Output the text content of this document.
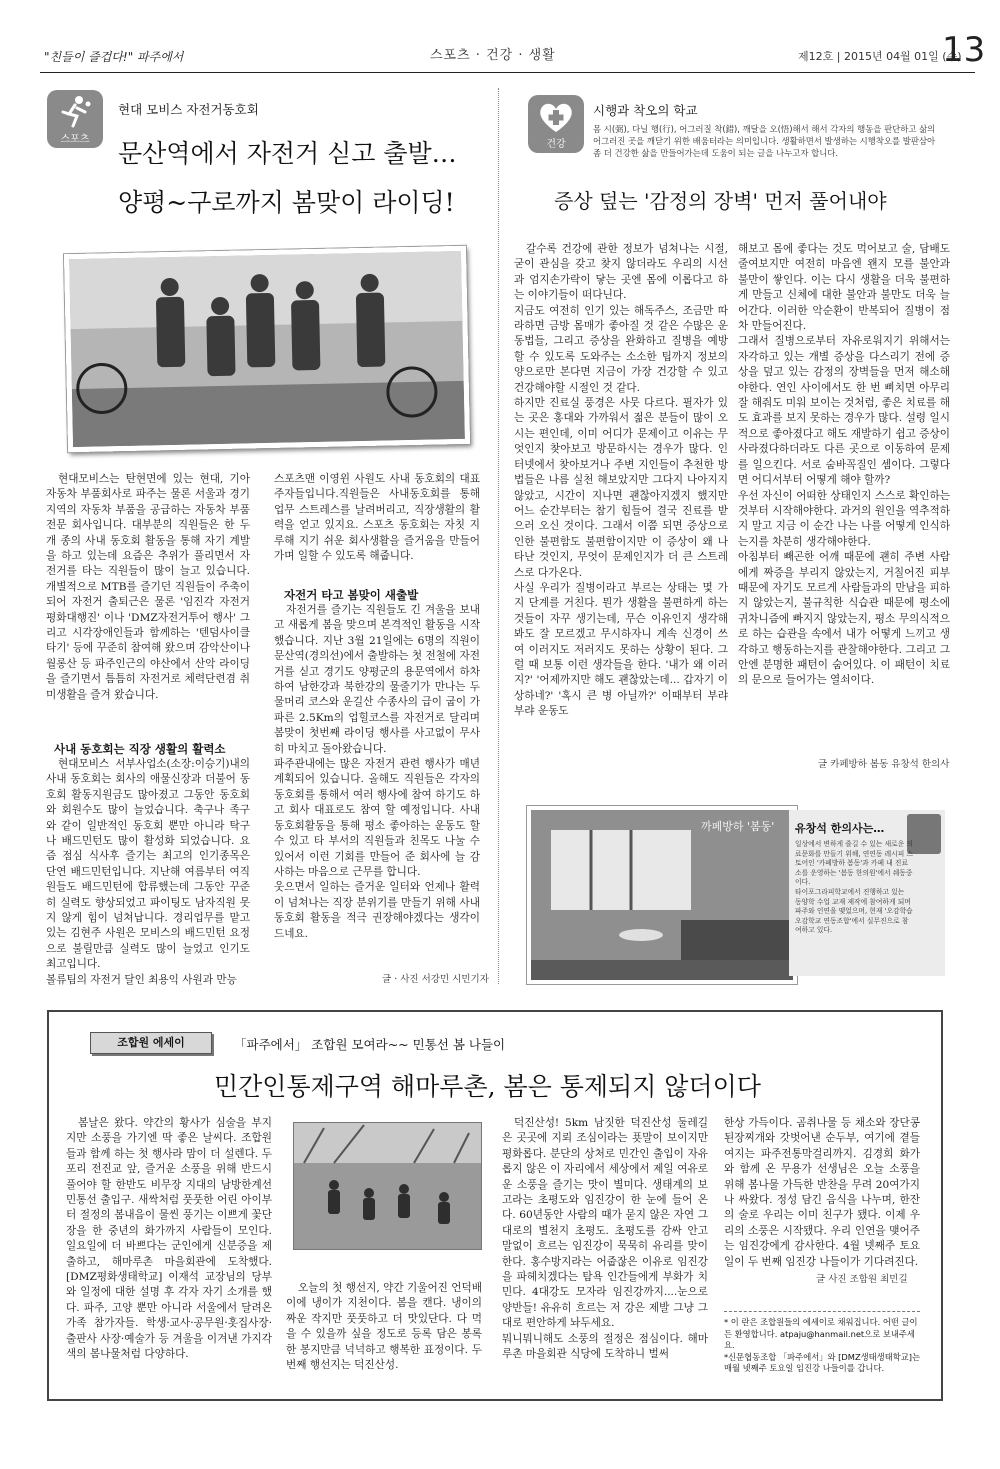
"친들이 즐겁다!" 파주에서	스포츠 · 건강 · 생활	제12호 | 2015년 04월 01일 (수)
13
스포츠
현대 모비스 자전거동호회
문산역에서 자전거 싣고 출발…
양평~구로까지 봄맞이 라이딩!
현대모비스는 탄현면에 있는 현대, 기아 자동차 부품회사로 파주는 물론 서울과 경기지역의 자동차 부품을 공급하는 자동차 부품 전문 회사입니다. 대부분의 직원들은 한 두개 종의 사내 동호회 활동을 통해 자기 계발을 하고 있는데 요즘은 추위가 풀리면서 자전거를 타는 직원들이 많이 늘고 있습니다. 개별적으로 MTB를 즐기던 직원들이 주축이 되어 자전거 출퇴근은 물론 '임진각 자전거 평화대행진' 이나 'DMZ자전거투어 행사' 그리고 시각장애인들과 함께하는 '텐덤사이클타기' 등에 꾸준히 참여해 왔으며 감악산이나 월롱산 등 파주인근의 야산에서 산악 라이딩을 즐기면서 틈틈히 자전거로 체력단련겸 취미생활을 즐겨 왔습니다.
사내 동호회는 직장 생활의 활력소
현대모비스 서부사업소(소장:이승기)내의 사내 동호회는 회사의 애물신장과 더불어 동호회 활동지원금도 많아졌고 그동안 동호회와 회원수도 많이 늘었습니다. 축구나 족구와 같이 일반적인 동호회 뿐만 아니라 탁구나 배드민턴도 많이 활성화 되었습니다. 요즘 점심 식사후 즐기는 최고의 인기종목은 단연 배드민턴입니다. 지난해 여름부터 여직원들도 배드민턴에 합류했는데 그동안 꾸준히 실력도 향상되었고 파이팅도 남자직원 못지 않게 힘이 넘쳐납니다. 경리업무를 맡고있는 김현주 사원은 모비스의 배드민턴 요정으로 불릴만큼 실력도 많이 늘었고 인기도 최고입니다.
볼류팀의 자전거 달인 최용익 사원과 만능
스포츠맨 이영윈 사원도 사내 동호회의 대표주자들입니다.직원들은 사내동호회를 통해 업무 스트레스를 날려버리고, 직장생활의 활력을 얻고 있지요. 스포츠 동호회는 자칫 지루해 지기 쉬운 회사생활을 즐거움을 만들어가며 일할 수 있도록 해줍니다.
자전거 타고 봄맞이 새출발
자전거를 즐기는 직원들도 긴 겨울을 보내고 새롭게 봄을 맞으며 본격적인 활동을 시작했습니다. 지난 3월 21일에는 6명의 직원이 문산역(경의선)에서 출발하는 첫 전철에 자전거를 싣고 경기도 양평군의 용문역에서 하차하여 남한강과 북한강의 물줄기가 만나는 두물머리 코스와 운길산 수종사의 급이 굽이 가파른 2.5Km의 업힐코스를 자전거로 달리며 봄맞이 첫번째 라이딩 행사를 사고없이 무사히 마치고 돌아왔습니다.
파주관내에는 많은 자전거 관련 행사가 매년 계획되어 있습니다. 올해도 직원들은 각자의 동호회를 통해서 여러 행사에 참여 하기도 하고 회사 대표로도 참여 할 예정입니다. 사내 동호회활동을 통해 평소 좋아하는 운동도 할 수 있고 타 부서의 직원들과 친목도 나눌 수 있어서 이런 기회를 만들어 준 회사에 늘 감사하는 마음으로 근무를 합니다.
웃으면서 일하는 즐거운 일터와 언제나 활력이 넘쳐나는 직장 분위기를 만들기 위해 사내 동호회 활동을 적극 권장해야겠다는 생각이 드네요.
글 · 사진 서강민 시민기자
건강
시행과 착오의 학교
몸 시(弼), 다닐 행(行), 어그러질 착(錯), 깨달을 오(悟)해서 해서 각자의 행동을 판단하고 삶의 어그러진 곳을 깨닫기 위한 배움터라는 의미입니다. 생활하면서 발생하는 시행착오를 발판삼아 좀 더 건강한 삶을 만들어가는데 도움이 되는 글을 나누고자 합니다.
증상 덮는 '감정의 장벽' 먼저 풀어내야
갈수록 건강에 관한 정보가 넘쳐나는 시절, 굳이 관심을 갖고 찾지 않더라도 우리의 시선과 엄지손가락이 닿는 곳엔 몸에 이롭다고 하는 이야기들이 떠다닌다.
지금도 여전히 인기 있는 해독주스, 조금만 따라하면 금방 몸매가 좋아질 것 같은 수많은 운동법들, 그리고 증상을 완화하고 질병을 예방할 수 있도록 도와주는 소소한 팁까지 정보의 양으로만 본다면 지금이 가장 건강할 수 있고 건강해야할 시절인 것 같다.
하지만 진료실 풍경은 사뭇 다르다. 필자가 있는 곳은 홍대와 가까워서 젊은 분들이 많이 오시는 편인데, 이미 어디가 문제이고 이유는 무엇인지 찾아보고 방문하시는 경우가 많다. 인터넷에서 찾아보거나 주변 지인들이 추천한 방법들은 나름 실천 해보았지만 그다지 나아지지 않았고, 시간이 지나면 괜찮아지겠지 했지만 어느 순간부터는 참기 힘들어 결국 진료를 받으러 오신 것이다. 그래서 이쯤 되면 증상으로 인한 불편함도 불편함이지만 이 증상이 왜 나타난 것인지, 무엇이 문제인지가 더 큰 스트레스로 다가온다.
사실 우리가 질병이라고 부르는 상태는 몇 가지 단계를 거친다. 뭔가 생활을 불편하게 하는 것들이 자꾸 생기는데, 무슨 이유인지 생각해봐도 잘 모르겠고 무시하자니 계속 신경이 쓰여 이러지도 저러지도 못하는 상황이 된다. 그럴 때 보통 이런 생각들을 한다. '내가 왜 이러지?' '어제까지만 해도 괜찮았는데... 갑자기 이상하네?' '혹시 큰 병 아닐까?' 이때부터 부랴부랴 운동도
해보고 몸에 좋다는 것도 먹어보고 술, 담배도 줄여보지만 여전히 마음엔 왠지 모를 불안과 불만이 쌓인다. 이는 다시 생활을 더욱 불편하게 만들고 신체에 대한 불안과 불만도 더욱 늘어간다. 이러한 악순환이 반복되어 질병이 점차 만들어진다.
그래서 질병으로부터 자유로워지기 위해서는 자각하고 있는 개별 증상을 다스리기 전에 증상을 덮고 있는 감정의 장벽들을 먼저 해소해야한다. 연인 사이에서도 한 번 삐치면 아무리 잘 해줘도 미워 보이는 것처럼, 좋은 치료를 해도 효과를 보지 못하는 경우가 많다. 설령 일시적으로 좋아졌다고 해도 재발하기 쉽고 증상이 사라졌다하더라도 다른 곳으로 이동하여 문제를 일으킨다. 서로 숨바꼭질인 셈이다. 그렇다면 어디서부터 어떻게 해야 할까?
우선 자신이 어떠한 상태인지 스스로 확인하는 것부터 시작해야한다. 과거의 원인을 역추적하지 말고 지금 이 순간 나는 나를 어떻게 인식하는지를 차분히 생각해야한다.
아침부터 빼곤한 어깨 때문에 괜히 주변 사람에게 짜증을 부리지 않았는지, 거칠어진 피부 때문에 자기도 모르게 사람들과의 만남을 피하지 않았는지, 불규칙한 식습관 때문에 평소에 귀차니즘에 빠지지 않았는지, 평소 무의식적으로 하는 습관을 속에서 내가 어떻게 느끼고 생각하고 행동하는지를 관찰해야한다. 그리고 그 안엔 분명한 패턴이 숨어있다. 이 패턴이 치료의 문으로 들어가는 열쇠이다.
글 카페방하 봄동 유창석 한의사
까페방하 '봄동' 유창석 한의사는…
일상에서 변하게 즐길 수 있는 새로운 의료문화를 만들기 위해, 연연동 레시피 스토어인 '카페방하 봄동'과 카페 내 진료소를 운영하는 '봄동 한의원'에서 쉐동중이다.
타이포그라피학교에서 진행하고 있는 동양학 수업 교재 제작에 참여하게 되며 파주와 인연을 맺었으며, 현재 '오감학습 오감학교 연동조합'에서 실무진으로 참여하고 있다.
조합원 에세이	「파주에서」 조합원 모여라~~ 민통선 봄 나들이
민간인통제구역 해마루촌, 봄은 통제되지 않더이다
봄날은 왔다. 약간의 황사가 심술을 부지지만 소풍을 가기엔 딱 좋은 날씨다. 조합원들과 함께 하는 첫 행사라 맘이 더 설렌다. 두포리 전진교 앞, 즐거운 소풍을 위해 반드시 풀어야 할 한반도 비무장 지대의 남방한계선 민통선 출입구. 새싹처럼 풋풋한 어린 아이부터 절정의 봄내음이 물씬 풍기는 이쁘게 꽃단장을 한 중년의 화가까지 사람들이 모인다. 일요일에 더 바쁘다는 군인에게 신분증을 제출하고, 해마루촌 마을회관에 도착했다. [DMZ평화생태학교] 이재석 교장님의 당부와 일정에 대한 설명 후 각자 자기 소개를 했다. 파주, 고양 뿐만 아니라 서울에서 달려온 가족 참가자들. 학생·교사·공무원·홋집사장·출판사 사장·예술가 등 겨울을 이겨낸 가지각색의 봄나물처럼 다양하다.
오늘의 첫 행선지, 약간 기울어진 언덕배이에 냉이가 지천이다. 봄을 캔다. 냉이의 짜운 작지만 풋풋하고 더 맛있단다. 다 먹을 수 있을까 싶을 정도로 등록 담은 봉록한 봉지만큼 넉넉하고 행복한 표정이다. 두 번째 행선지는 덕진산성.
덕진산성! 5km 남짓한 덕진산성 둘레길은 곳곳에 지뢰 조심이라는 푯말이 보이지만 평화롭다. 분단의 상처로 민간인 출입이 자유롭지 않은 이 자리에서 세상에서 제일 여유로운 소풍을 즐기는 맛이 별미다. 생태계의 보고라는 초평도와 임진강이 한 눈에 들어 온다. 60년동안 사람의 때가 묻지 않은 자연 그대로의 별천지 초평도. 초평도를 감싸 안고 말없이 흐르는 임진강이 묵묵히 유리를 맞이한다. 홍수방지라는 어줍잖은 이유로 임진강을 파헤치겠다는 탐욕 인간들에게 부화가 치민다. 4대강도 모자라 임진강까지....눈으로 양반들! 유유히 흐르는 저 강은 제발 그냥 그대로 편안하게 놔두세요.
뭐니뭐니해도 소풍의 절정은 점심이다. 해마루촌 마을회관 식당에 도착하니 벌써
한상 가득이다. 곰취나물 등 채소와 장단콩 된장찌개와 갓벗어낸 순두부, 여기에 곁들여지는 파주전통막걸리까지. 김경희 화가와 함께 온 무용가 선생님은 오늘 소풍을 위해 봄나물 가득한 반찬을 무려 20여가지나 싸왔다. 정성 담긴 음식을 나누며, 한잔의 술로 우리는 이미 친구가 됐다. 이제 우리의 소풍은 시작됐다. 우리 인연을 맺어주는 임진강에게 감사한다. 4월 넷째주 토요일이 두 번째 임진강 나들이가 기다려진다.
글 사진 조합원 최민길
* 이 란은 조합원들의 에세이로 채워집니다. 어떤 글이든 환영합니다. atpaju@hanmail.net으로 보내주세요.
*신문협동조합 「파주에서」와 [DMZ생태생태학교]는 매월 넷째주 토요일 임진강 나들이를 갑니다.
